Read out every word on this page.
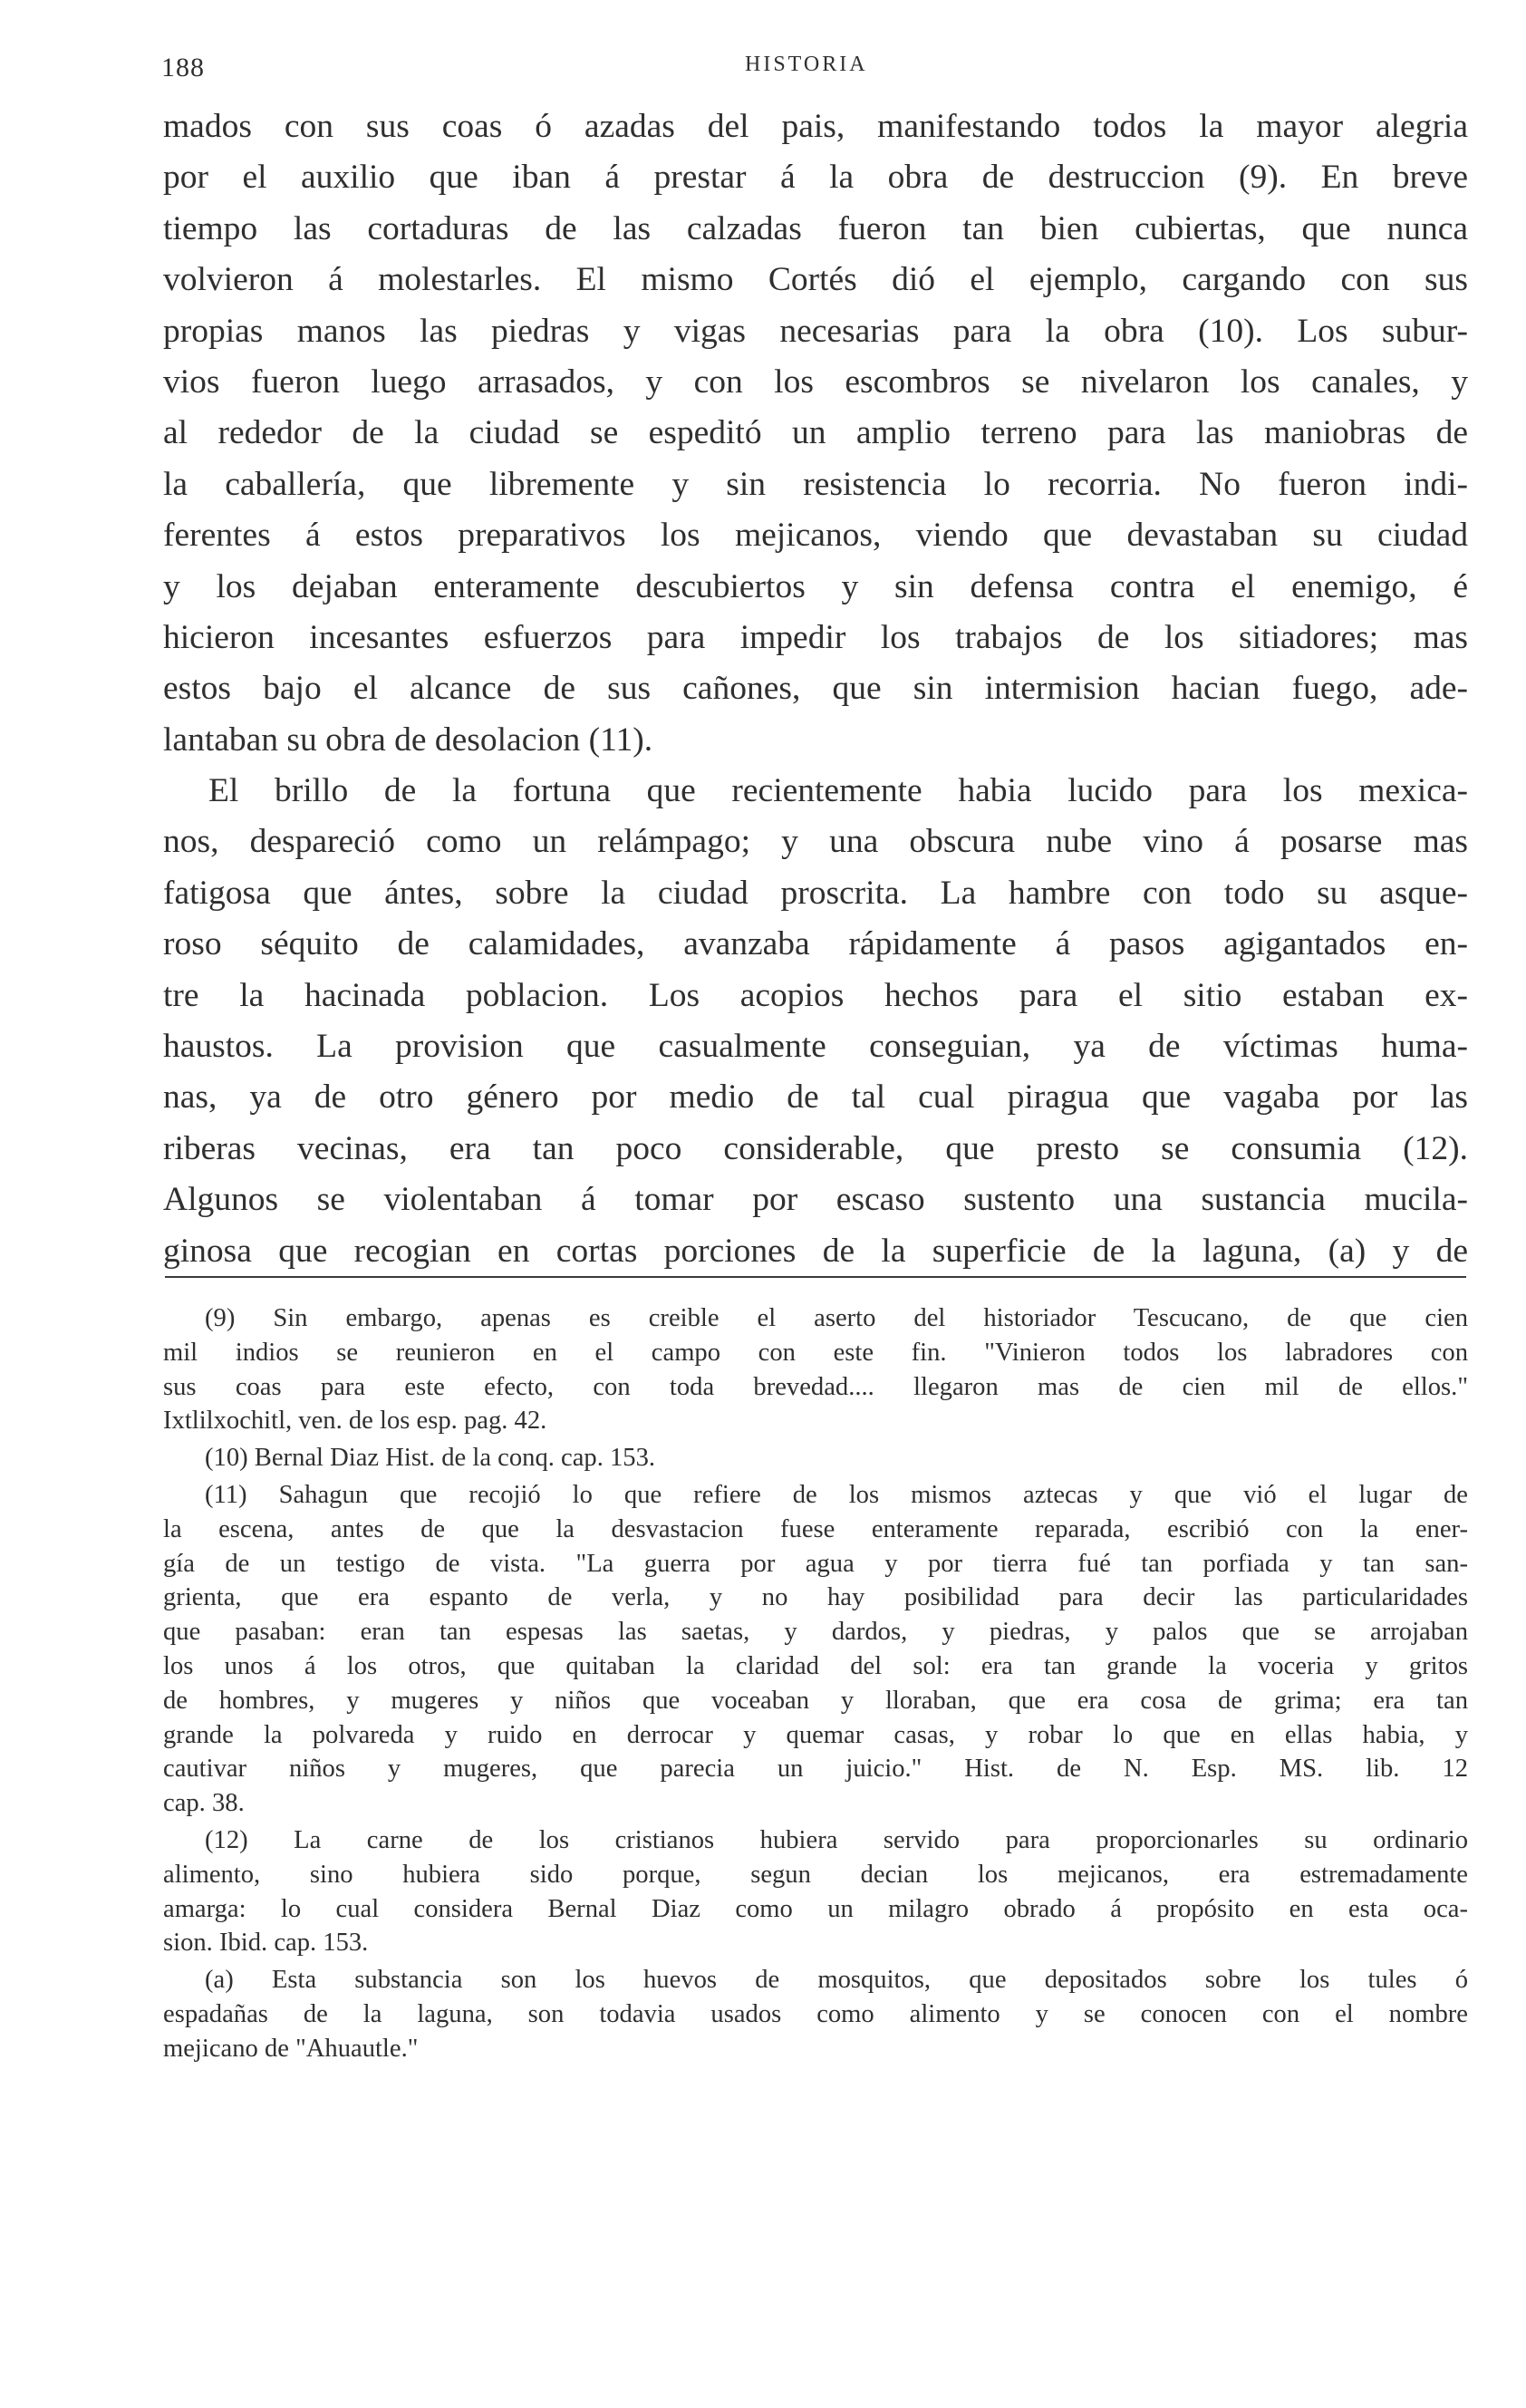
188	HISTORIA
mados con sus coas ó azadas del pais, manifestando todos la mayor alegria
por el auxilio que iban á prestar á la obra de destruccion (9). En breve
tiempo las cortaduras de las calzadas fueron tan bien cubiertas, que nunca
volvieron á molestarles. El mismo Cortés dió el ejemplo, cargando con sus
propias manos las piedras y vigas necesarias para la obra (10). Los subur-
vios fueron luego arrasados, y con los escombros se nivelaron los canales, y
al rededor de la ciudad se espeditó un amplio terreno para las maniobras de
la caballería, que libremente y sin resistencia lo recorria. No fueron indi-
ferentes á estos preparativos los mejicanos, viendo que devastaban su ciudad
y los dejaban enteramente descubiertos y sin defensa contra el enemigo, é
hicieron incesantes esfuerzos para impedir los trabajos de los sitiadores; mas
estos bajo el alcance de sus cañones, que sin intermision hacian fuego, ade-
lantaban su obra de desolacion (11).
El brillo de la fortuna que recientemente habia lucido para los mexica-
nos, despareció como un relámpago; y una obscura nube vino á posarse mas
fatigosa que ántes, sobre la ciudad proscrita. La hambre con todo su asque-
roso séquito de calamidades, avanzaba rápidamente á pasos agigantados en-
tre la hacinada poblacion. Los acopios hechos para el sitio estaban ex-
haustos. La provision que casualmente conseguian, ya de víctimas huma-
nas, ya de otro género por medio de tal cual piragua que vagaba por las
riberas vecinas, era tan poco considerable, que presto se consumia (12).
Algunos se violentaban á tomar por escaso sustento una sustancia mucila-
ginosa que recogian en cortas porciones de la superficie de la laguna, (a) y de
(9) Sin embargo, apenas es creible el aserto del historiador Tescucano, de que cien
mil indios se reunieron en el campo con este fin. "Vinieron todos los labradores con
sus coas para este efecto, con toda brevedad.... llegaron mas de cien mil de ellos."
Ixtlilxochitl, ven. de los esp. pag. 42.
(10) Bernal Diaz Hist. de la conq. cap. 153.
(11) Sahagun que recojió lo que refiere de los mismos aztecas y que vió el lugar de
la escena, antes de que la desvastacion fuese enteramente reparada, escribió con la ener-
gía de un testigo de vista. "La guerra por agua y por tierra fué tan porfiada y tan san-
grienta, que era espanto de verla, y no hay posibilidad para decir las particularidades
que pasaban: eran tan espesas las saetas, y dardos, y piedras, y palos que se arrojaban
los unos á los otros, que quitaban la claridad del sol: era tan grande la voceria y gritos
de hombres, y mugeres y niños que voceaban y lloraban, que era cosa de grima; era tan
grande la polvareda y ruido en derrocar y quemar casas, y robar lo que en ellas habia, y
cautivar niños y mugeres, que parecia un juicio." Hist. de N. Esp. MS. lib. 12
cap. 38.
(12) La carne de los cristianos hubiera servido para proporcionarles su ordinario
alimento, sino hubiera sido porque, segun decian los mejicanos, era estremadamente
amarga: lo cual considera Bernal Diaz como un milagro obrado á propósito en esta oca-
sion. Ibid. cap. 153.
(a) Esta substancia son los huevos de mosquitos, que depositados sobre los tules ó
espadañas de la laguna, son todavia usados como alimento y se conocen con el nombre
mejicano de "Ahuautle."
